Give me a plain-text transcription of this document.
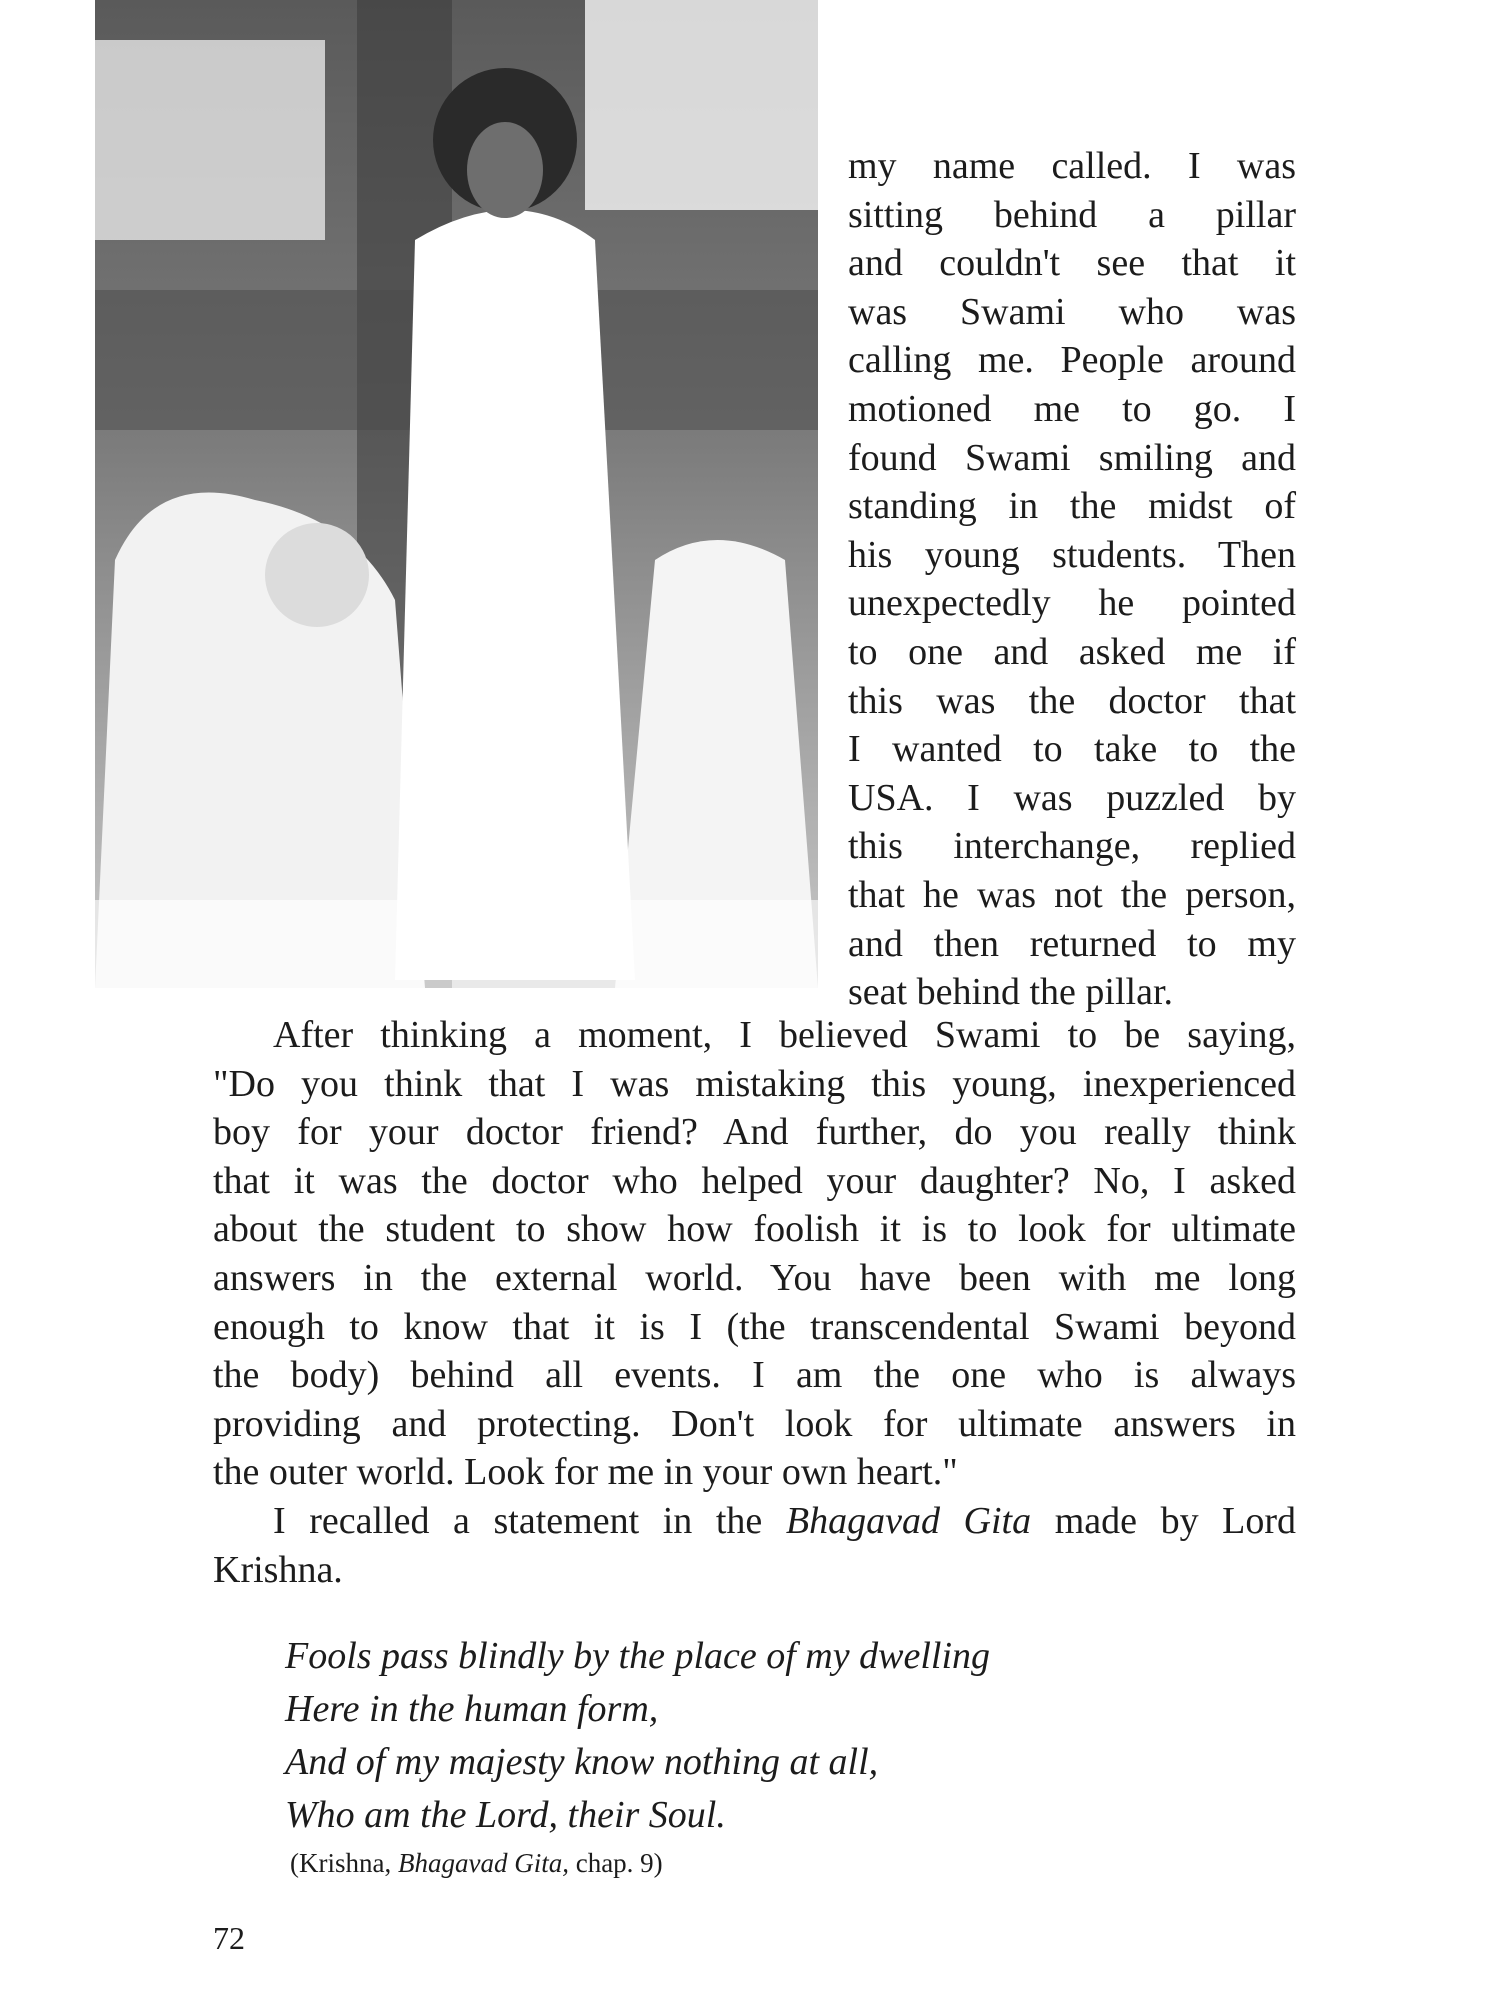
my name called. I was
sitting behind a pillar
and couldn't see that it
was Swami who was
calling me. People around
motioned me to go. I
found Swami smiling and
standing in the midst of
his young students. Then
unexpectedly he pointed
to one and asked me if
this was the doctor that
I wanted to take to the
USA. I was puzzled by
this interchange, replied
that he was not the person,
and then returned to my
seat behind the pillar.
After thinking a moment, I believed Swami to be saying,
"Do you think that I was mistaking this young, inexperienced
boy for your doctor friend? And further, do you really think
that it was the doctor who helped your daughter? No, I asked
about the student to show how foolish it is to look for ultimate
answers in the external world. You have been with me long
enough to know that it is I (the transcendental Swami beyond
the body) behind all events. I am the one who is always
providing and protecting. Don't look for ultimate answers in
the outer world. Look for me in your own heart."
I recalled a statement in the Bhagavad Gita made by Lord
Krishna.
Fools pass blindly by the place of my dwelling
Here in the human form,
And of my majesty know nothing at all,
Who am the Lord, their Soul.
(Krishna, Bhagavad Gita, chap. 9)
72
